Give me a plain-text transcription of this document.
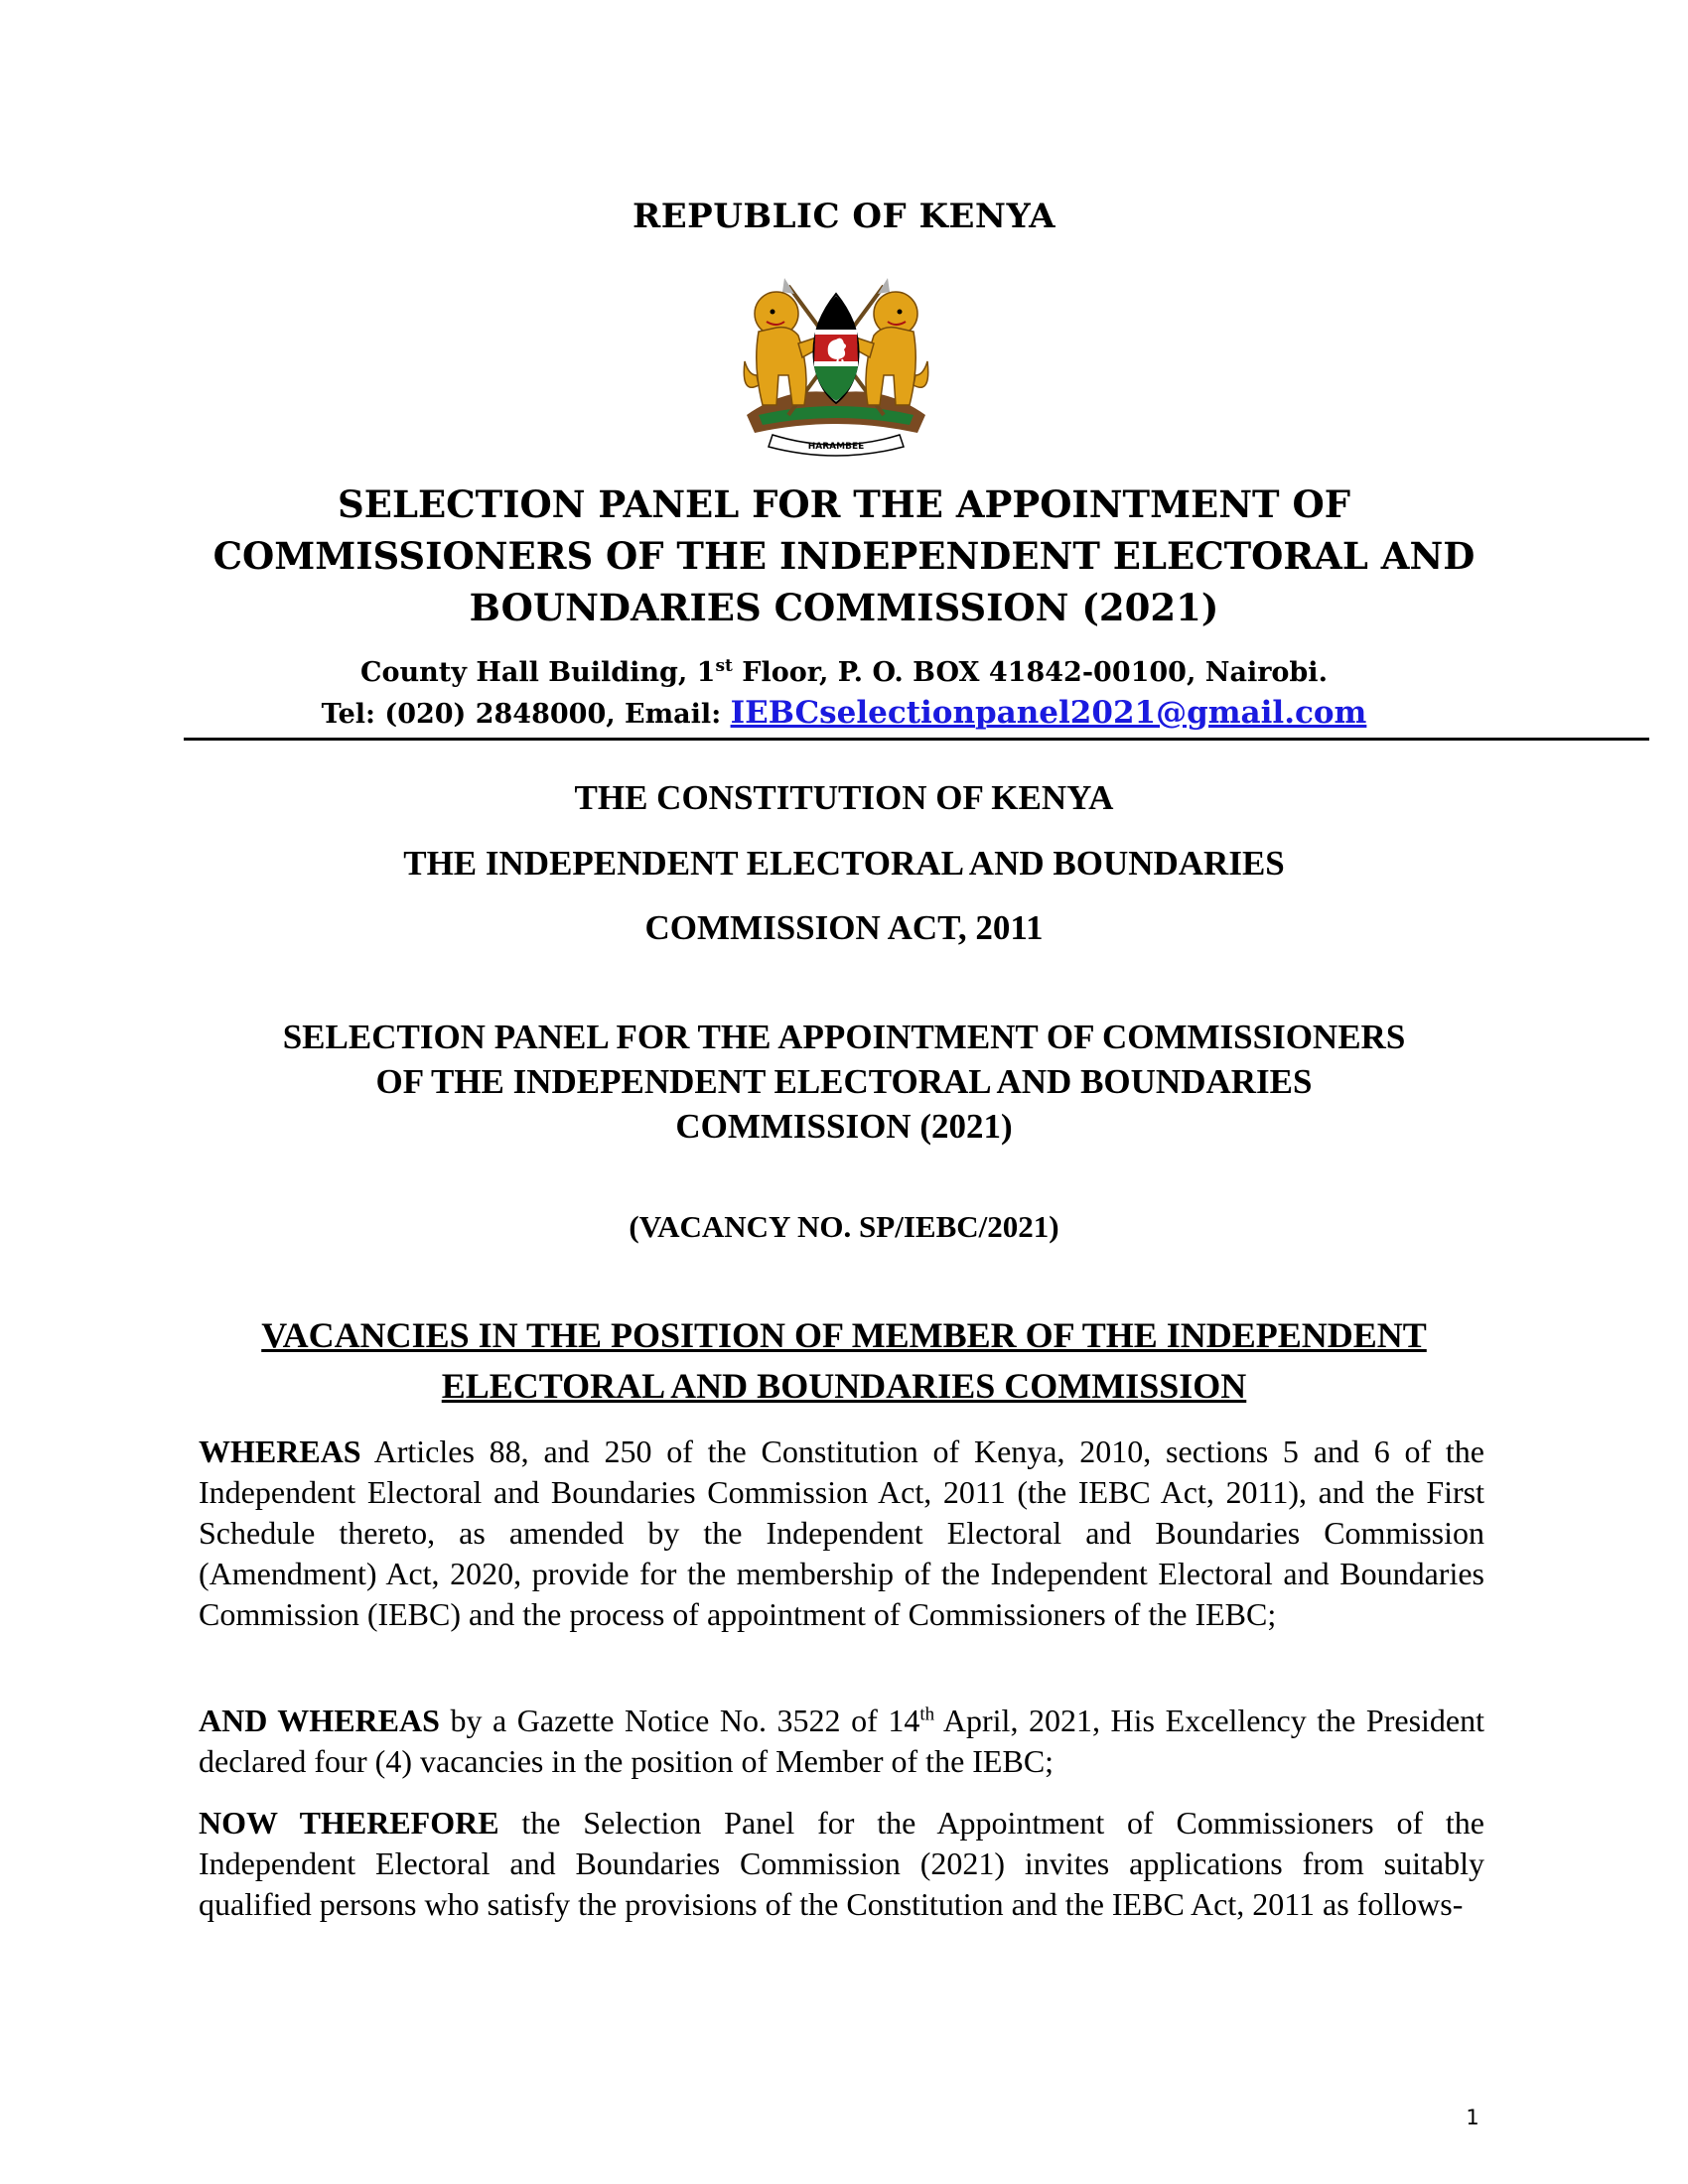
REPUBLIC OF KENYA
HARAMBEE
SELECTION PANEL FOR THE APPOINTMENT OF
COMMISSIONERS OF THE INDEPENDENT ELECTORAL AND
BOUNDARIES COMMISSION (2021)
County Hall Building, 1st Floor, P. O. BOX 41842-00100, Nairobi.
Tel: (020) 2848000, Email: IEBCselectionpanel2021@gmail.com
THE CONSTITUTION OF KENYA
THE INDEPENDENT ELECTORAL AND BOUNDARIES
COMMISSION ACT, 2011
SELECTION PANEL FOR THE APPOINTMENT OF COMMISSIONERS
OF THE INDEPENDENT ELECTORAL AND BOUNDARIES
COMMISSION (2021)
(VACANCY NO. SP/IEBC/2021)
VACANCIES IN THE POSITION OF MEMBER OF THE INDEPENDENT
ELECTORAL AND BOUNDARIES COMMISSION

WHEREAS Articles 88, and 250 of the Constitution of Kenya, 2010, sections 5 and 6 of the Independent Electoral and Boundaries Commission Act, 2011 (the IEBC Act, 2011), and the First Schedule thereto, as amended by the Independent Electoral and Boundaries Commission (Amendment) Act, 2020, provide for the membership of the Independent Electoral and Boundaries Commission (IEBC) and the process of appointment of Commissioners of the IEBC;

AND WHEREAS by a Gazette Notice No. 3522 of 14th April, 2021, His Excellency the President declared four (4) vacancies in the position of Member of the IEBC;

NOW THEREFORE the Selection Panel for the Appointment of Commissioners of the Independent Electoral and Boundaries Commission (2021) invites applications from suitably qualified persons who satisfy the provisions of the Constitution and the IEBC Act, 2011 as follows-

1
